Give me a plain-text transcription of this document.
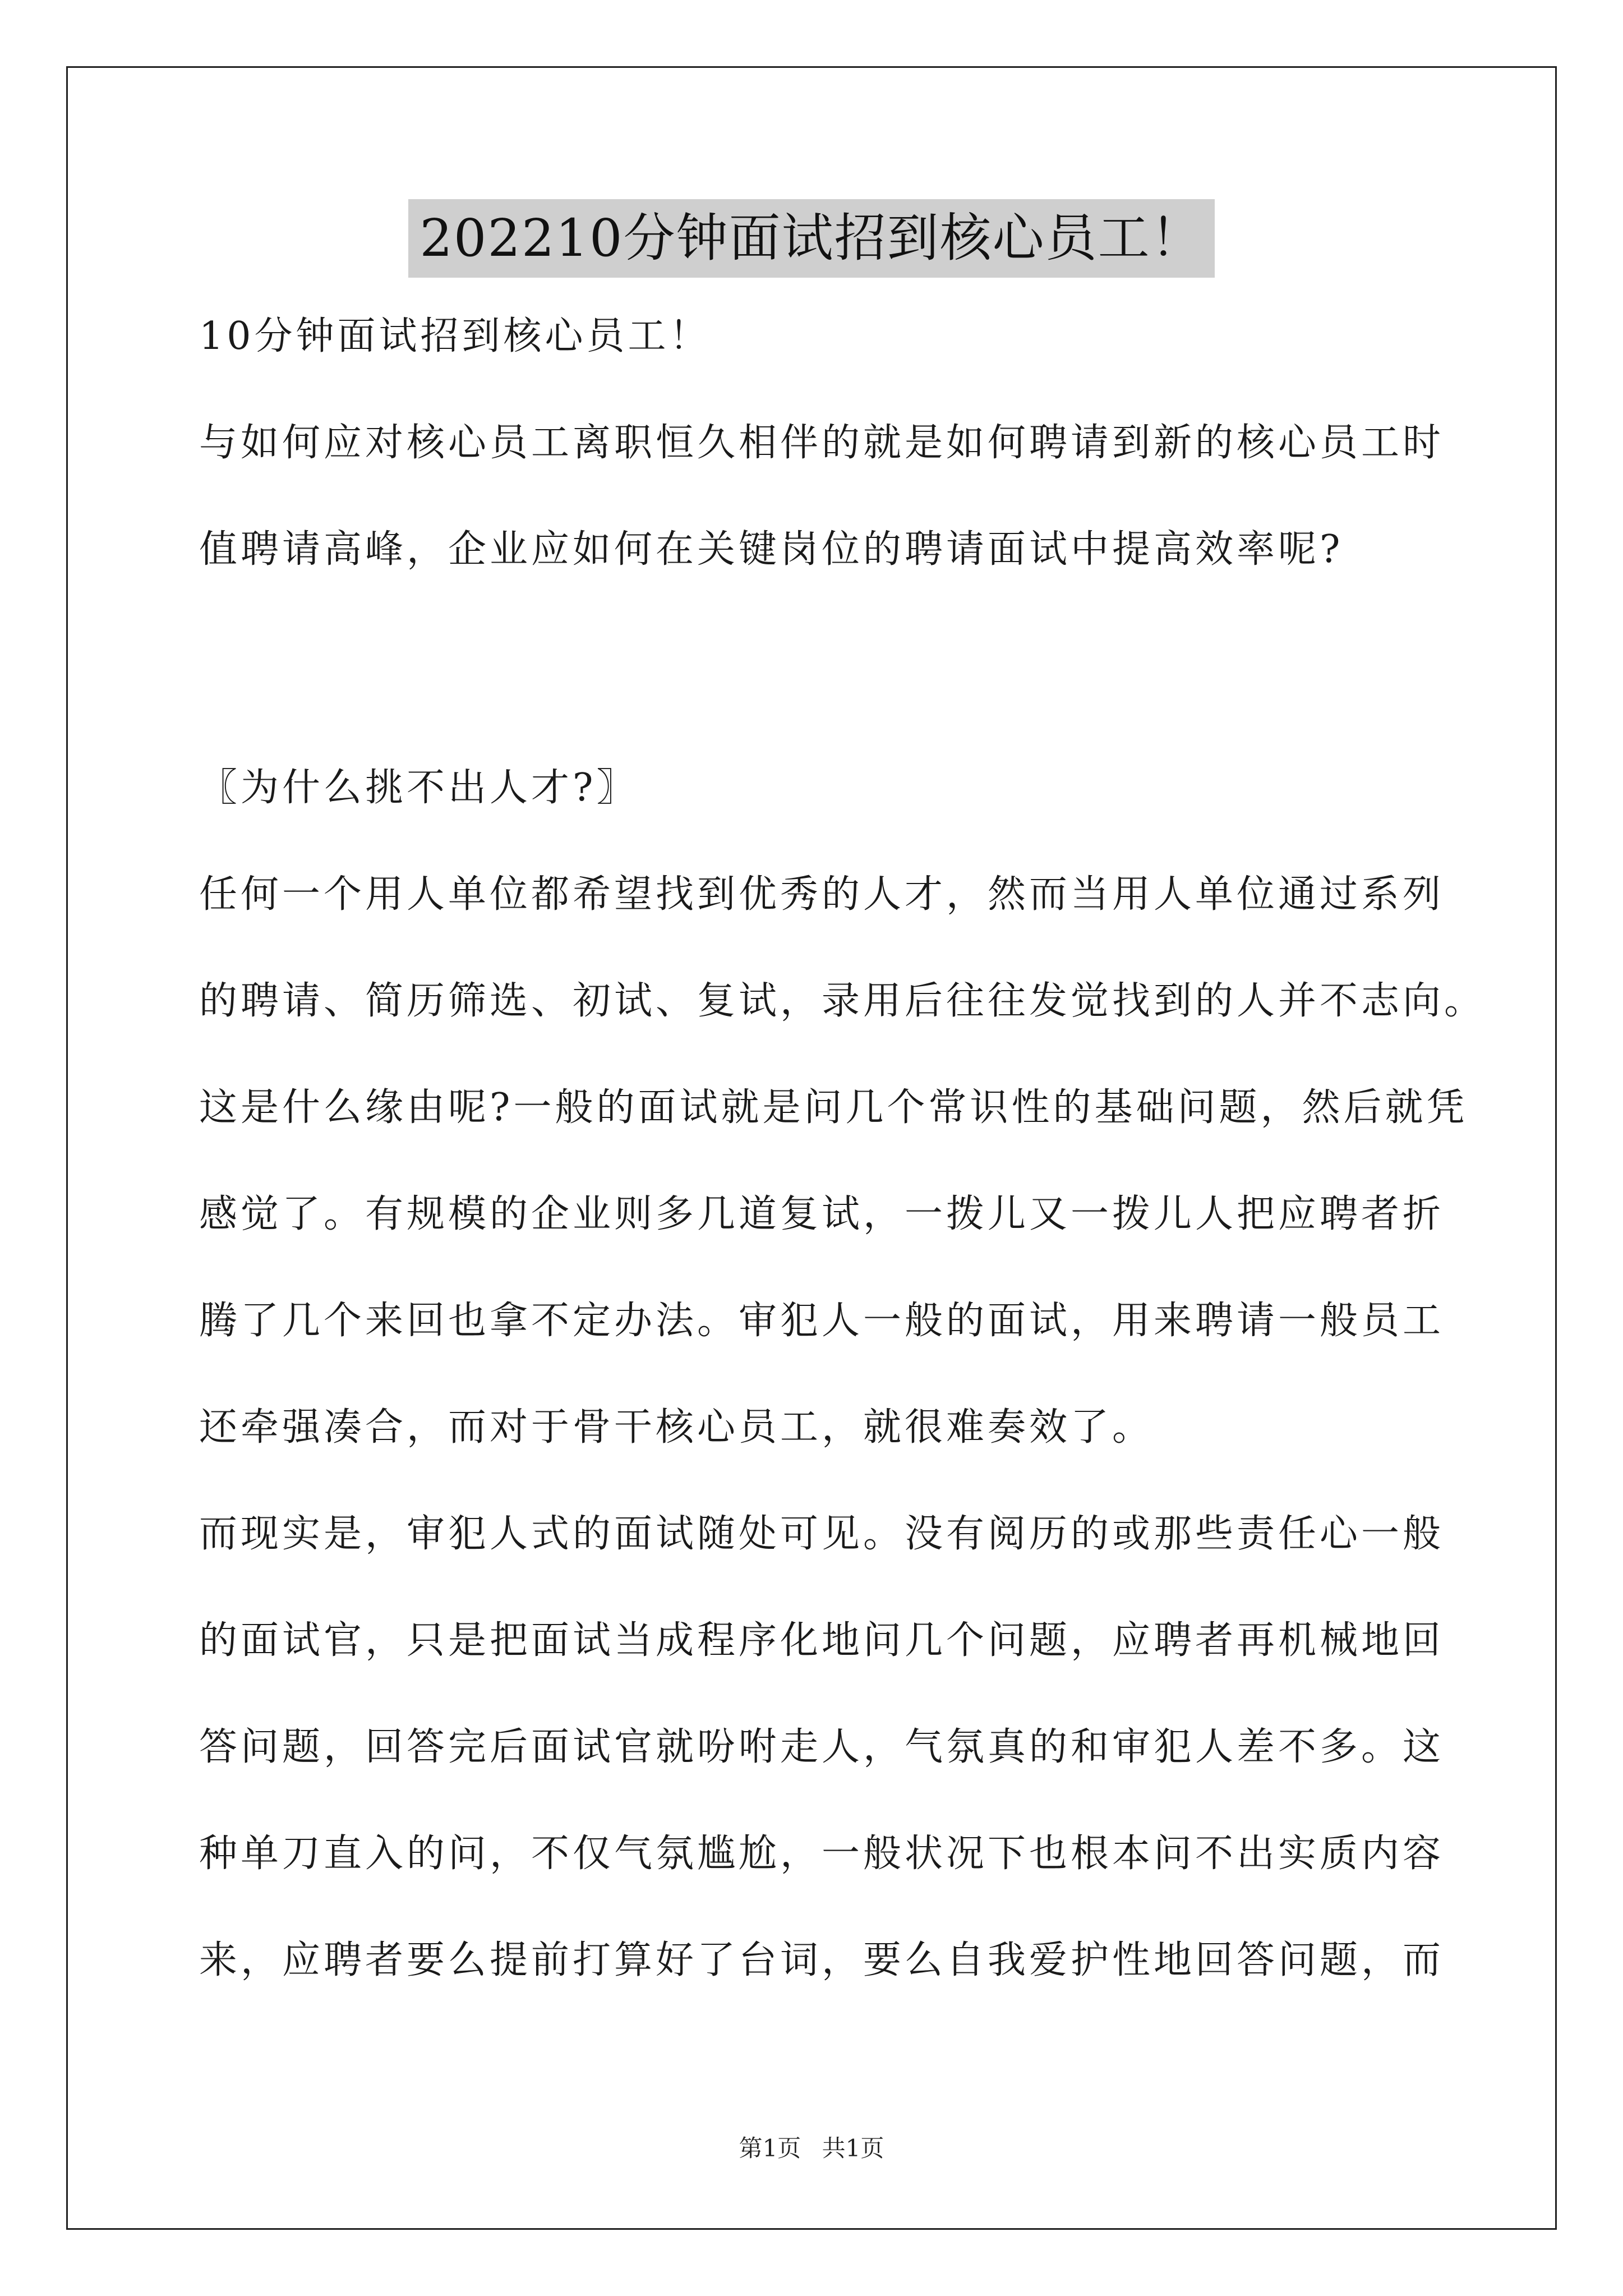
202210分钟面试招到核心员工！
10分钟面试招到核心员工！
与如何应对核心员工离职恒久相伴的就是如何聘请到新的核心员工时
值聘请高峰，企业应如何在关键岗位的聘请面试中提高效率呢?
〖为什么挑不出人才?〗
任何一个用人单位都希望找到优秀的人才，然而当用人单位通过系列
的聘请、简历筛选、初试、复试，录用后往往发觉找到的人并不志向。
这是什么缘由呢?一般的面试就是问几个常识性的基础问题，然后就凭
感觉了。有规模的企业则多几道复试，一拨儿又一拨儿人把应聘者折
腾了几个来回也拿不定办法。审犯人一般的面试，用来聘请一般员工
还牵强凑合，而对于骨干核心员工，就很难奏效了。
而现实是，审犯人式的面试随处可见。没有阅历的或那些责任心一般
的面试官，只是把面试当成程序化地问几个问题，应聘者再机械地回
答问题，回答完后面试官就吩咐走人，气氛真的和审犯人差不多。这
种单刀直入的问，不仅气氛尴尬，一般状况下也根本问不出实质内容
来，应聘者要么提前打算好了台词，要么自我爱护性地回答问题，而
第1页 共1页
